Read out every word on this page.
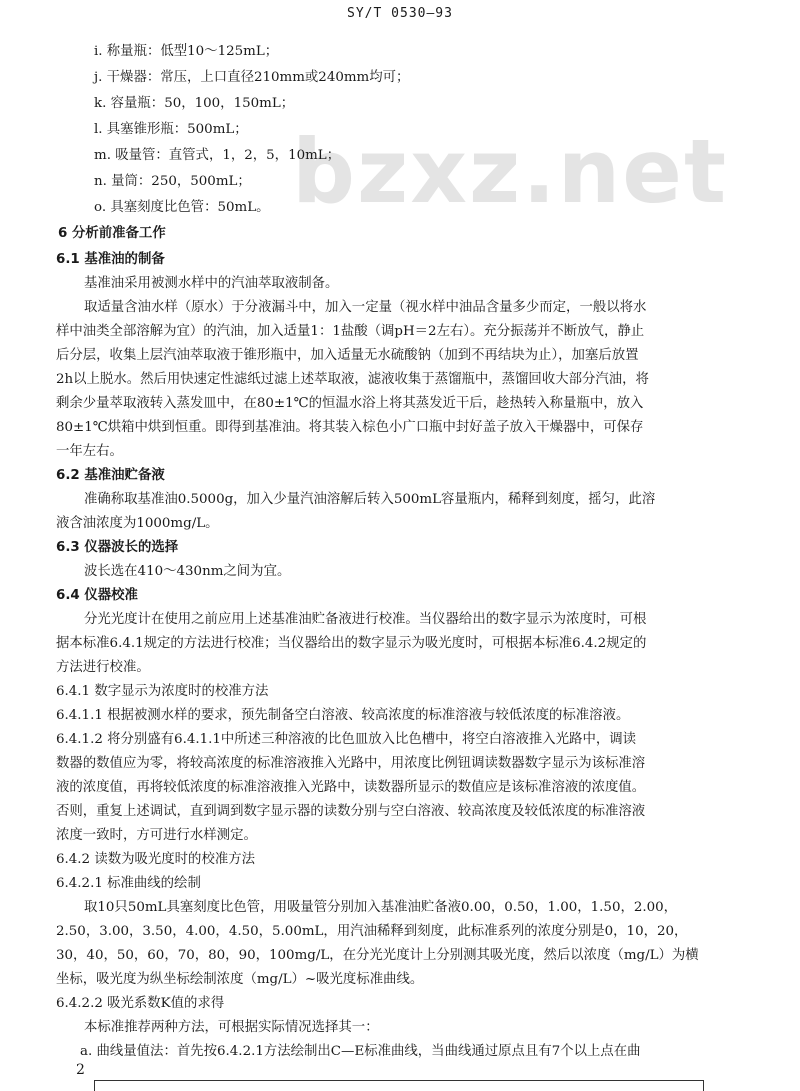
SY/T 0530—93
bzxz.net
i. 称量瓶：低型10～125mL；
j. 干燥器：常压，上口直径210mm或240mm均可；
k. 容量瓶：50，100，150mL；
l. 具塞锥形瓶：500mL；
m. 吸量管：直管式，1，2，5，10mL；
n. 量筒：250，500mL；
o. 具塞刻度比色管：50mL。
6 分析前准备工作
6.1 基准油的制备
基准油采用被测水样中的汽油萃取液制备。
取适量含油水样（原水）于分液漏斗中，加入一定量（视水样中油品含量多少而定，一般以将水
样中油类全部溶解为宜）的汽油，加入适量1：1盐酸（调pH＝2左右）。充分振荡并不断放气，静止
后分层，收集上层汽油萃取液于锥形瓶中，加入适量无水硫酸钠（加到不再结块为止），加塞后放置
2h以上脱水。然后用快速定性滤纸过滤上述萃取液，滤液收集于蒸馏瓶中，蒸馏回收大部分汽油，将
剩余少量萃取液转入蒸发皿中，在80±1℃的恒温水浴上将其蒸发近干后，趁热转入称量瓶中，放入
80±1℃烘箱中烘到恒重。即得到基准油。将其装入棕色小广口瓶中封好盖子放入干燥器中，可保存
一年左右。
6.2 基准油贮备液
准确称取基准油0.5000g，加入少量汽油溶解后转入500mL容量瓶内，稀释到刻度，摇匀，此溶
液含油浓度为1000mg/L。
6.3 仪器波长的选择
波长选在410～430nm之间为宜。
6.4 仪器校准
分光光度计在使用之前应用上述基准油贮备液进行校准。当仪器给出的数字显示为浓度时，可根
据本标准6.4.1规定的方法进行校准；当仪器给出的数字显示为吸光度时，可根据本标准6.4.2规定的
方法进行校准。
6.4.1 数字显示为浓度时的校准方法
6.4.1.1 根据被测水样的要求，预先制备空白溶液、较高浓度的标准溶液与较低浓度的标准溶液。
6.4.1.2 将分别盛有6.4.1.1中所述三种溶液的比色皿放入比色槽中，将空白溶液推入光路中，调读
数器的数值应为零，将较高浓度的标准溶液推入光路中，用浓度比例钮调读数器数字显示为该标准溶
液的浓度值，再将较低浓度的标准溶液推入光路中，读数器所显示的数值应是该标准溶液的浓度值。
否则，重复上述调试，直到调到数字显示器的读数分别与空白溶液、较高浓度及较低浓度的标准溶液
浓度一致时，方可进行水样测定。
6.4.2 读数为吸光度时的校准方法
6.4.2.1 标准曲线的绘制
取10只50mL具塞刻度比色管，用吸量管分别加入基准油贮备液0.00，0.50，1.00，1.50，2.00，
2.50，3.00，3.50，4.00，4.50，5.00mL，用汽油稀释到刻度，此标准系列的浓度分别是0，10，20，
30，40，50，60，70，80，90，100mg/L，在分光光度计上分别测其吸光度，然后以浓度（mg/L）为横
坐标，吸光度为纵坐标绘制浓度（mg/L）~吸光度标准曲线。
6.4.2.2 吸光系数K值的求得
本标准推荐两种方法，可根据实际情况选择其一：
a. 曲线量值法：首先按6.4.2.1方法绘制出C—E标准曲线，当曲线通过原点且有7个以上点在曲
2
